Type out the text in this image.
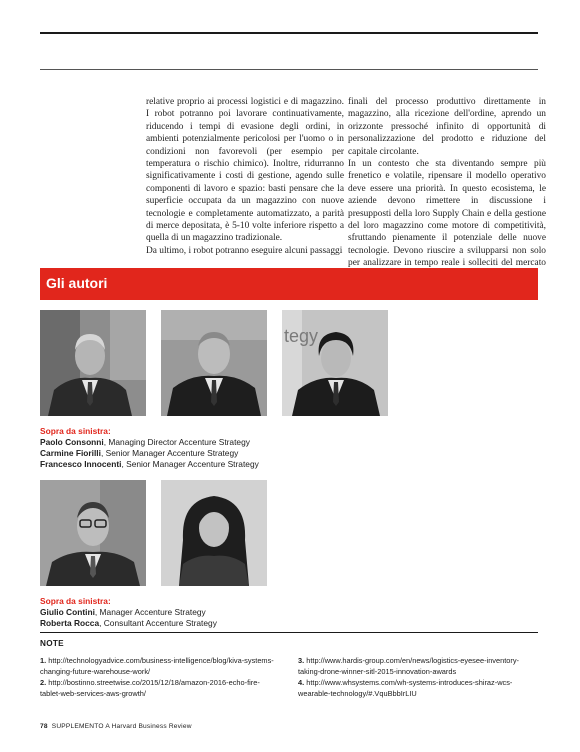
relative proprio ai processi logistici e di magazzino. I robot potranno poi lavorare continuativamente, riducendo i tempi di evasione degli ordini, in ambienti potenzialmente pericolosi per l'uomo o in condizioni non favorevoli (per esempio per temperatura o rischio chimico). Inoltre, ridurranno significativamente i costi di gestione, agendo sulle componenti di lavoro e spazio: basti pensare che la superficie occupata da un magazzino con nuove tecnologie e completamente automatizzato, a parità di merce depositata, è 5-10 volte inferiore rispetto a quella di un magazzino tradizionale.

Da ultimo, i robot potranno eseguire alcuni passaggi

finali del processo produttivo direttamente in magazzino, alla ricezione dell'ordine, aprendo un orizzonte pressoché infinito di opportunità di personalizzazione del prodotto e riduzione del capitale circolante.

In un contesto che sta diventando sempre più frenetico e volatile, ripensare il modello operativo deve essere una priorità. In questo ecosistema, le aziende devono rimettere in discussione i presupposti della loro Supply Chain e della gestione del loro magazzino come motore di competitività, sfruttando pienamente il potenziale delle nuove tecnologie. Devono riuscire a svilupparsi non solo per analizzare in tempo reale i solleciti del mercato

Gli autori
tegy
Sopra da sinistra:
Paolo Consonni, Managing Director Accenture Strategy
Carmine Fiorilli, Senior Manager Accenture Strategy
Francesco Innocenti, Senior Manager Accenture Strategy
Sopra da sinistra:
Giulio Contini, Manager Accenture Strategy
Roberta Rocca, Consultant Accenture Strategy
NOTE
1. http://technologyadvice.com/business-intelligence/blog/kiva-systems-changing-future-warehouse-work/
2. http://bostinno.streetwise.co/2015/12/18/amazon-2016-echo-fire-tablet-web-services-aws-growth/
3. http://www.hardis-group.com/en/news/logistics-eyesee-inventory-taking-drone-winner-sitl-2015-innovation-awards
4. http://www.whsystems.com/wh-systems-introduces-shiraz-wcs-wearable-technology/#.VquBbbIrLIU
78 SUPPLEMENTO A Harvard Business Review
